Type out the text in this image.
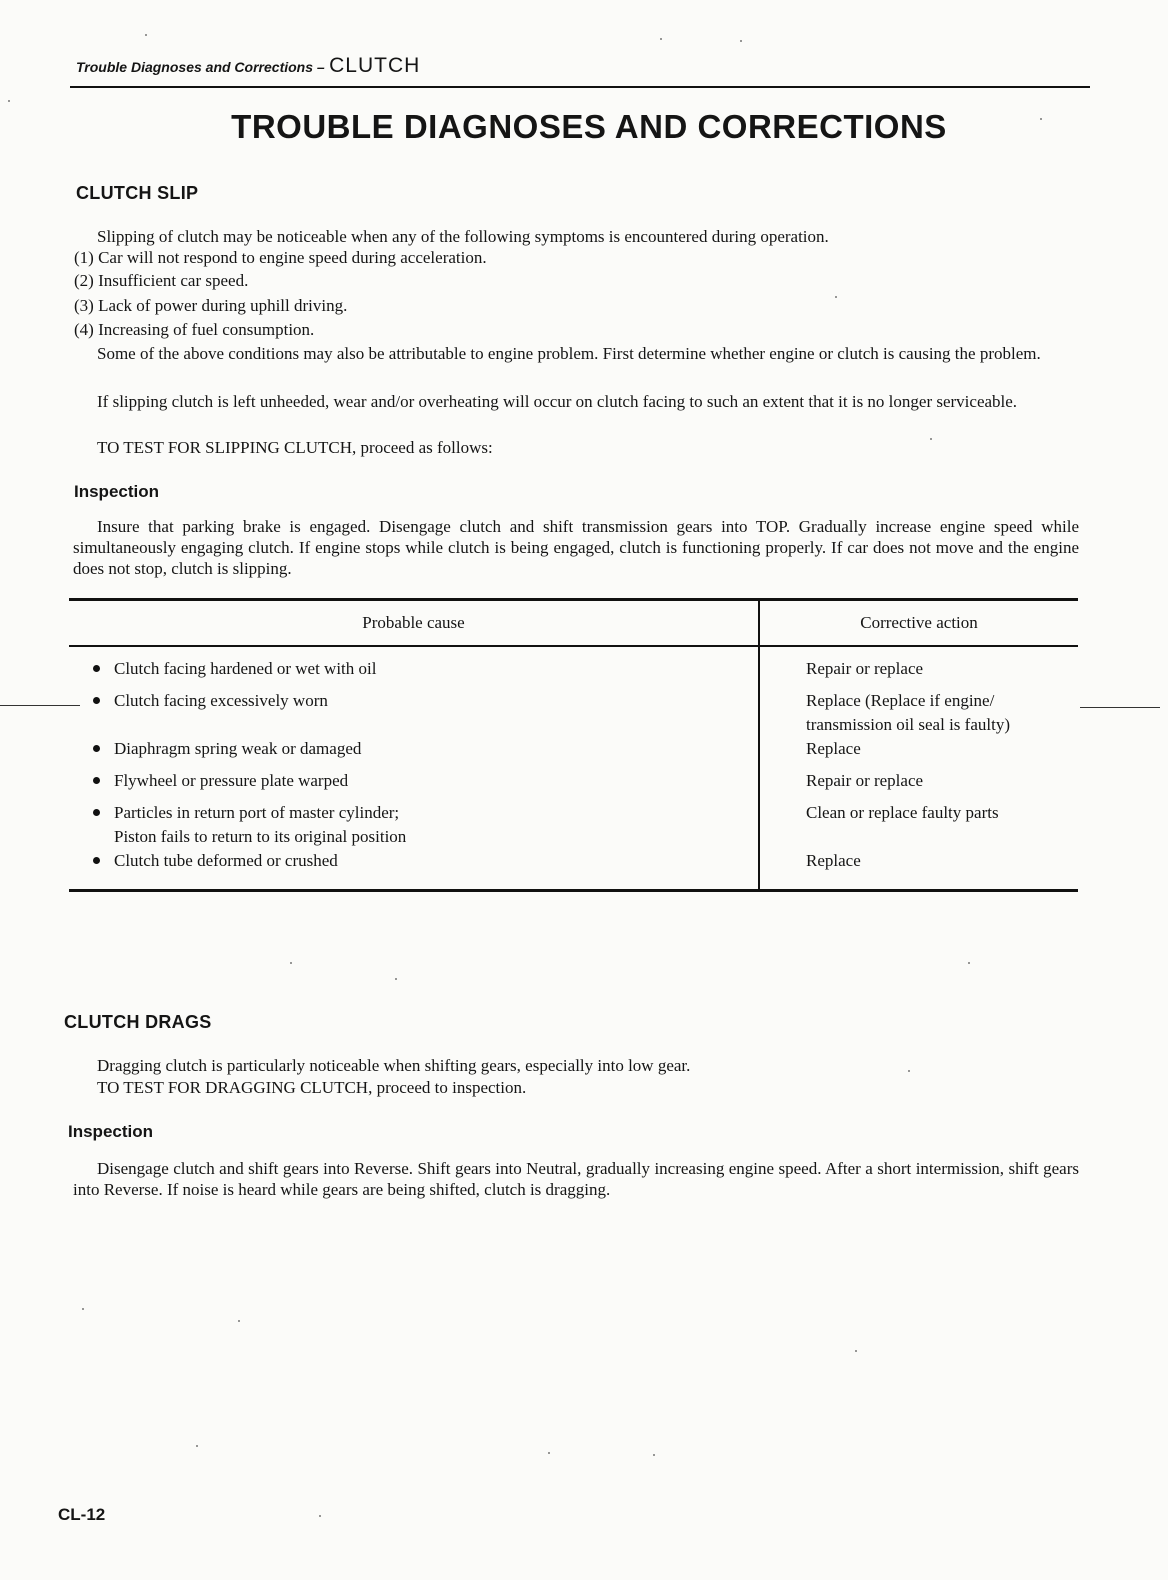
Trouble Diagnoses and Corrections – CLUTCH
TROUBLE DIAGNOSES AND CORRECTIONS
CLUTCH SLIP
Slipping of clutch may be noticeable when any of the following symptoms is encountered during operation.
(1) Car will not respond to engine speed during acceleration.
(2) Insufficient car speed.
(3) Lack of power during uphill driving.
(4) Increasing of fuel consumption.
Some of the above conditions may also be attributable to engine problem. First determine whether engine or clutch is causing the problem.
If slipping clutch is left unheeded, wear and/or overheating will occur on clutch facing to such an extent that it is no longer serviceable.
TO TEST FOR SLIPPING CLUTCH, proceed as follows:
Inspection
Insure that parking brake is engaged. Disengage clutch and shift transmission gears into TOP. Gradually increase engine speed while simultaneously engaging clutch. If engine stops while clutch is being engaged, clutch is functioning properly. If car does not move and the engine does not stop, clutch is slipping.
Probable cause	Corrective action
Clutch facing hardened or wet with oil	Repair or replace
Clutch facing excessively worn	Replace (Replace if engine/
transmission oil seal is faulty)

Diaphragm spring weak or damaged	Replace
Flywheel or pressure plate warped	Repair or replace
Particles in return port of master cylinder;
Piston fails to return to its original position	Clean or replace faulty parts
Clutch tube deformed or crushed	Replace
CLUTCH DRAGS
Dragging clutch is particularly noticeable when shifting gears, especially into low gear.
TO TEST FOR DRAGGING CLUTCH, proceed to inspection.
Inspection
Disengage clutch and shift gears into Reverse. Shift gears into Neutral, gradually increasing engine speed. After a short intermission, shift gears into Reverse. If noise is heard while gears are being shifted, clutch is dragging.
CL-12
